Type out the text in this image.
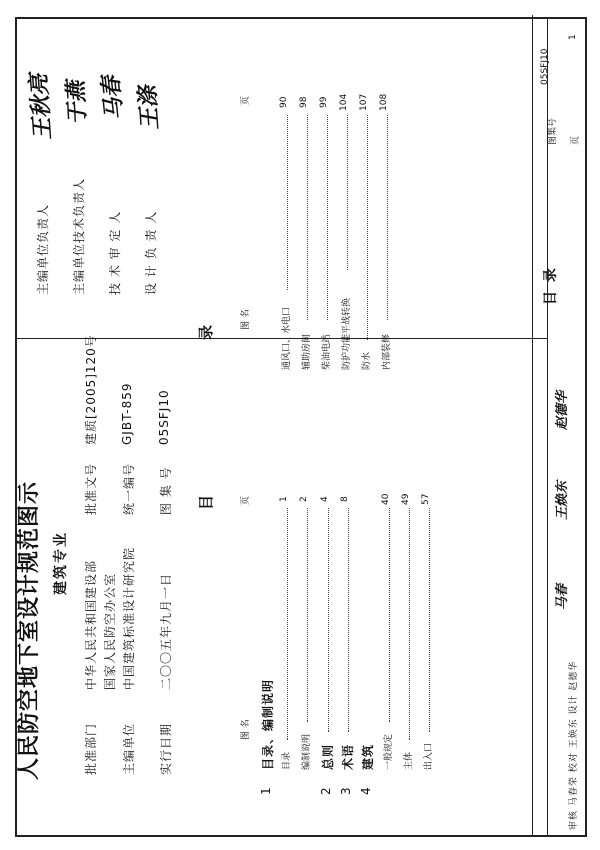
人民防空地下室设计规范图示 建筑专业
批准部门
中华人民共和国建设部 国家人民防空办公室
主编单位
中国建筑标准设计研究院
实行日期
二〇〇五年九月一日
批准文号
建质[2005]120号
统一编号
GJBT-859
图 集 号
05SFJ10
主编单位负责人
王秋亮
主编单位技术负责人
于燕
技 术 审 定 人
马春
设 计 负 责 人
王涤
目
录
图 名
页
1
目录、编制说明 目录
1
编制说明
2
2
总则
4
3
术语
8
4
建筑	一般规定
40
主体
49
出入口
57
图 名
页
通风口、水电口
90
辅助房间
98
柴油电站
99
防护功能平战转换
104
防水
107
内部装修
108
目 录
审核 马春荣 校对 王焕东 设计 赵德华
图集号
05SFJ10
页
1
马春
王焕东
赵德华
